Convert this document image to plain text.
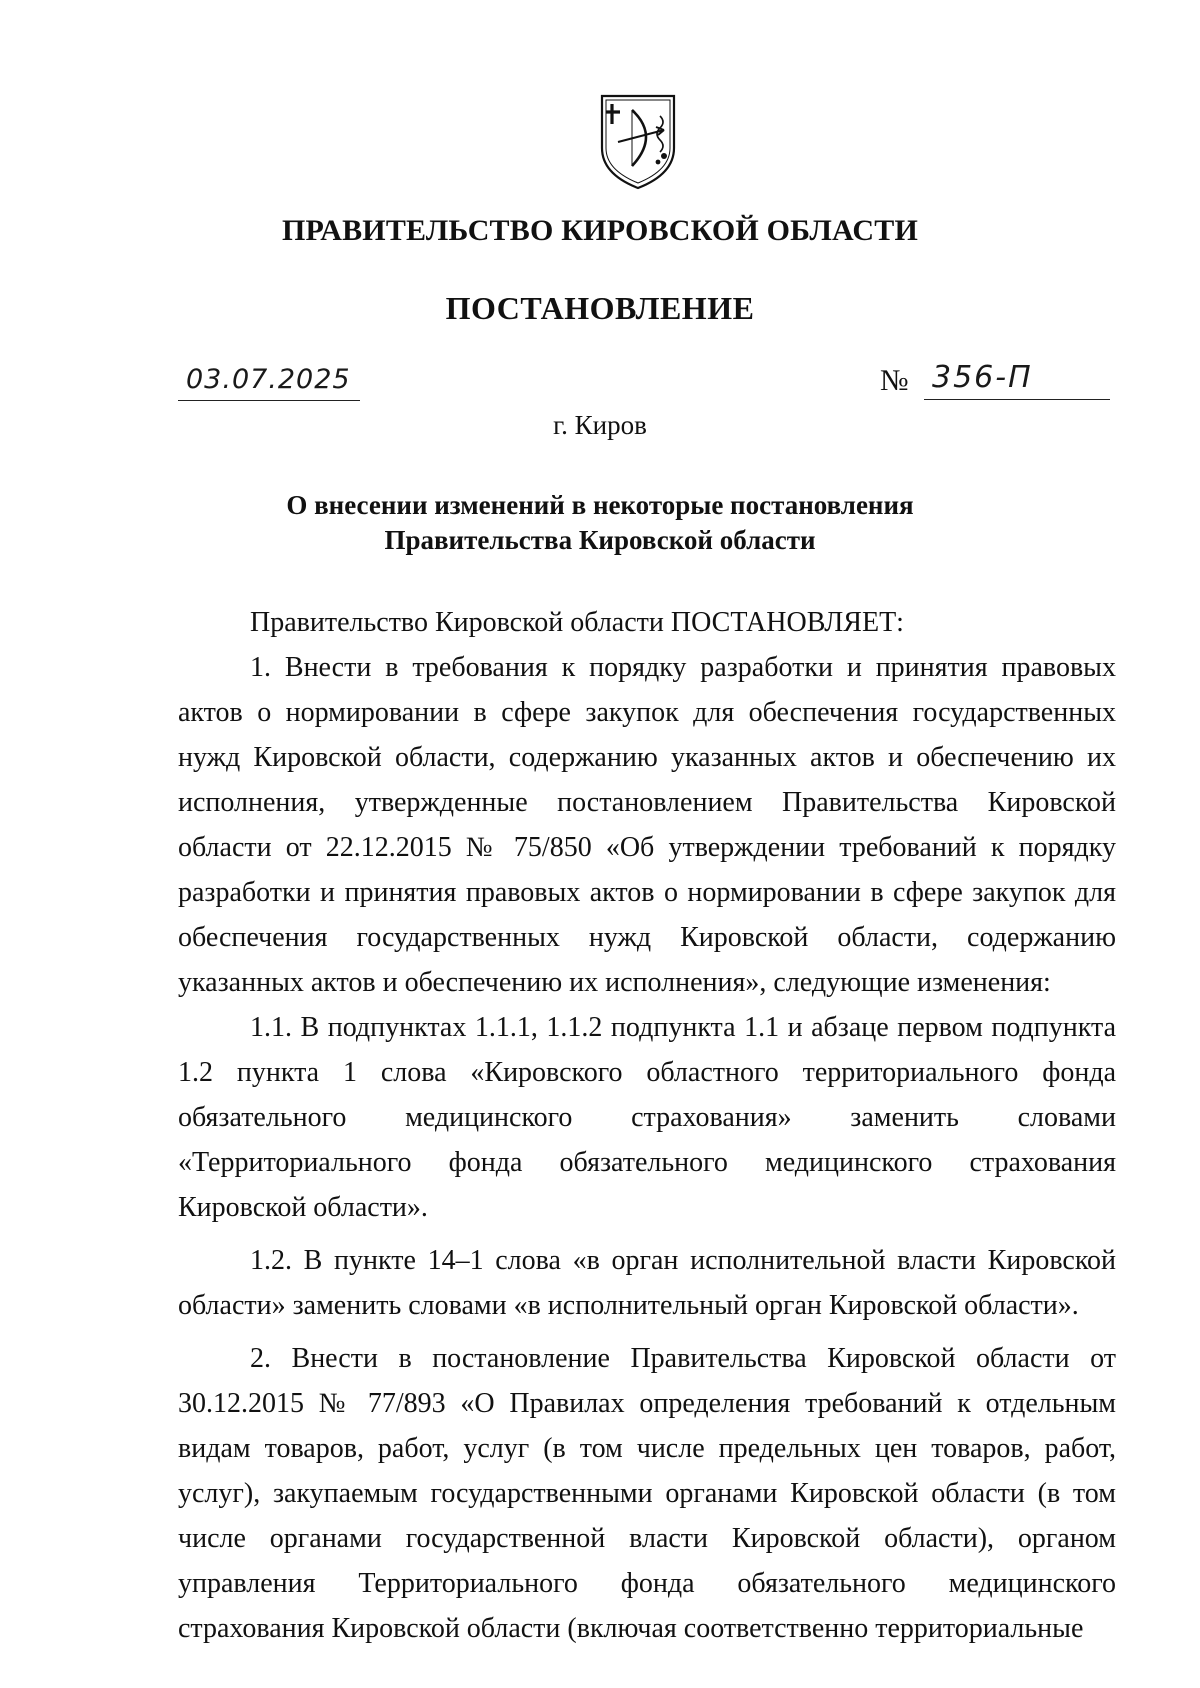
ПРАВИТЕЛЬСТВО КИРОВСКОЙ ОБЛАСТИ
ПОСТАНОВЛЕНИЕ
03.07.2025	№ 356-П
г. Киров
О внесении изменений в некоторые постановления
Правительства Кировской области

Правительство Кировской области ПОСТАНОВЛЯЕТ:

1. Внести в требования к порядку разработки и принятия правовых актов о нормировании в сфере закупок для обеспечения государственных нужд Кировской области, содержанию указанных актов и обеспечению их исполнения, утвержденные постановлением Правительства Кировской области от 22.12.2015 № 75/850 «Об утверждении требований к порядку разработки и принятия правовых актов о нормировании в сфере закупок для обеспечения государственных нужд Кировской области, содержанию указанных актов и обеспечению их исполнения», следующие изменения:

1.1. В подпунктах 1.1.1, 1.1.2 подпункта 1.1 и абзаце первом подпункта 1.2 пункта 1 слова «Кировского областного территориального фонда обязательного медицинского страхования» заменить словами «Территориального фонда обязательного медицинского страхования Кировской области».

1.2. В пункте 14–1 слова «в орган исполнительной власти Кировской области» заменить словами «в исполнительный орган Кировской области».

2. Внести в постановление Правительства Кировской области от 30.12.2015 № 77/893 «О Правилах определения требований к отдельным видам товаров, работ, услуг (в том числе предельных цен товаров, работ, услуг), закупаемым государственными органами Кировской области (в том числе органами государственной власти Кировской области), органом управления Территориального фонда обязательного медицинского страхования Кировской области (включая соответственно территориальные
